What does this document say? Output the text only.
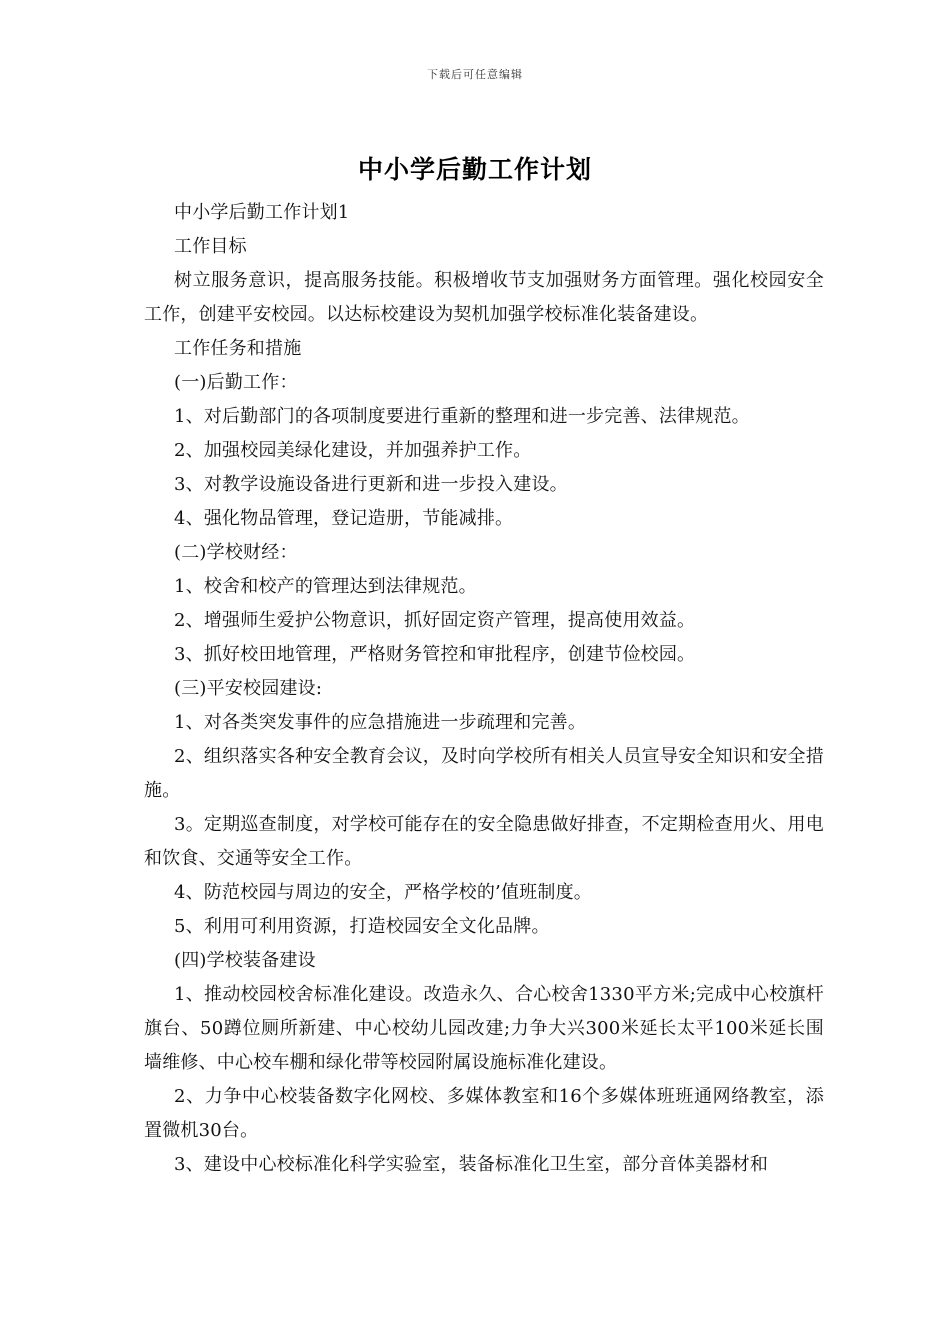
下载后可任意编辑
中小学后勤工作计划

中小学后勤工作计划1

工作目标

树立服务意识，提高服务技能。积极增收节支加强财务方面管理。强化校园安全工作，创建平安校园。以达标校建设为契机加强学校标准化装备建设。

工作任务和措施

(一)后勤工作：

1、对后勤部门的各项制度要进行重新的整理和进一步完善、法律规范。

2、加强校园美绿化建设，并加强养护工作。

3、对教学设施设备进行更新和进一步投入建设。

4、强化物品管理，登记造册，节能减排。

(二)学校财经：

1、校舍和校产的管理达到法律规范。

2、增强师生爱护公物意识，抓好固定资产管理，提高使用效益。

3、抓好校田地管理，严格财务管控和审批程序，创建节俭校园。

(三)平安校园建设:

1、对各类突发事件的应急措施进一步疏理和完善。

2、组织落实各种安全教育会议，及时向学校所有相关人员宣导安全知识和安全措施。

3。定期巡查制度，对学校可能存在的安全隐患做好排查，不定期检查用火、用电和饮食、交通等安全工作。

4、防范校园与周边的安全，严格学校的’值班制度。

5、利用可利用资源，打造校园安全文化品牌。

(四)学校装备建设

1、推动校园校舍标准化建设。改造永久、合心校舍1330平方米;完成中心校旗杆旗台、50蹲位厕所新建、中心校幼儿园改建;力争大兴300米延长太平100米延长围墙维修、中心校车棚和绿化带等校园附属设施标准化建设。

2、力争中心校装备数字化网校、多媒体教室和16个多媒体班班通网络教室，添置微机30台。

3、建设中心校标准化科学实验室，装备标准化卫生室，部分音体美器材和
